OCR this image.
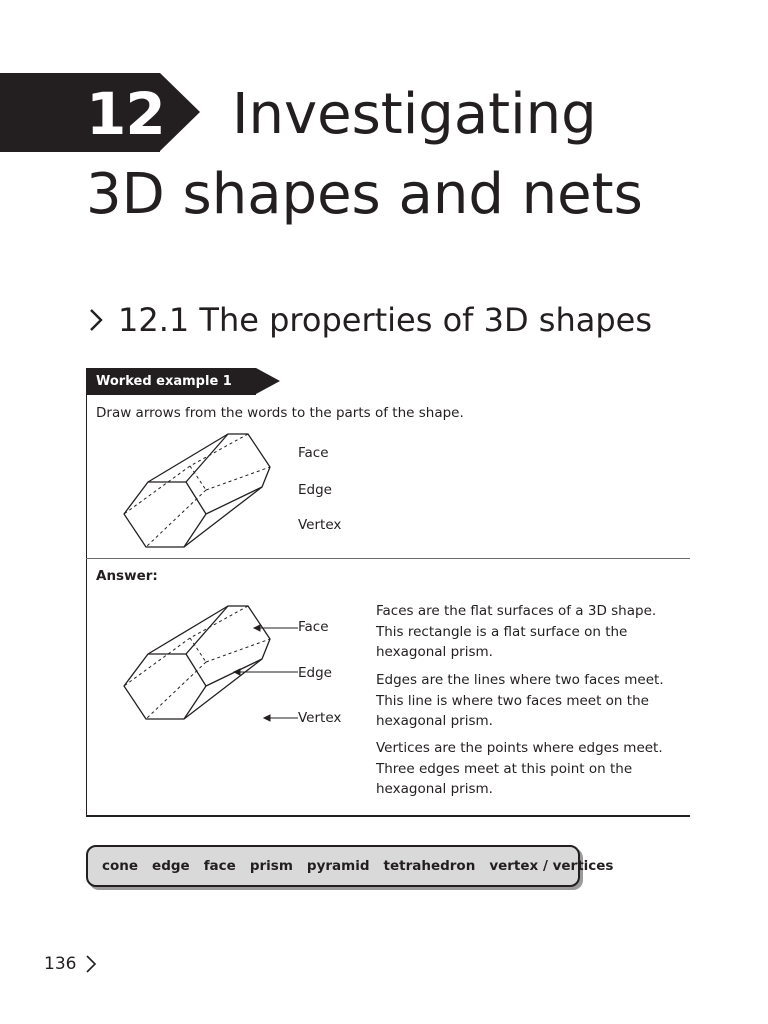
12 Investigating
3D shapes and nets
12.1 The properties of 3D shapes
Worked example 1
Draw arrows from the words to the parts of the shape.
Face
Edge
Vertex
Answer:
Face
Edge
Vertex
Faces are the flat surfaces of a 3D shape.
This rectangle is a flat surface on the
hexagonal prism.
Edges are the lines where two faces meet.
This line is where two faces meet on the
hexagonal prism.
Vertices are the points where edges meet.
Three edges meet at this point on the
hexagonal prism.
cone edge face prism pyramid tetrahedron vertex / vertices
136
